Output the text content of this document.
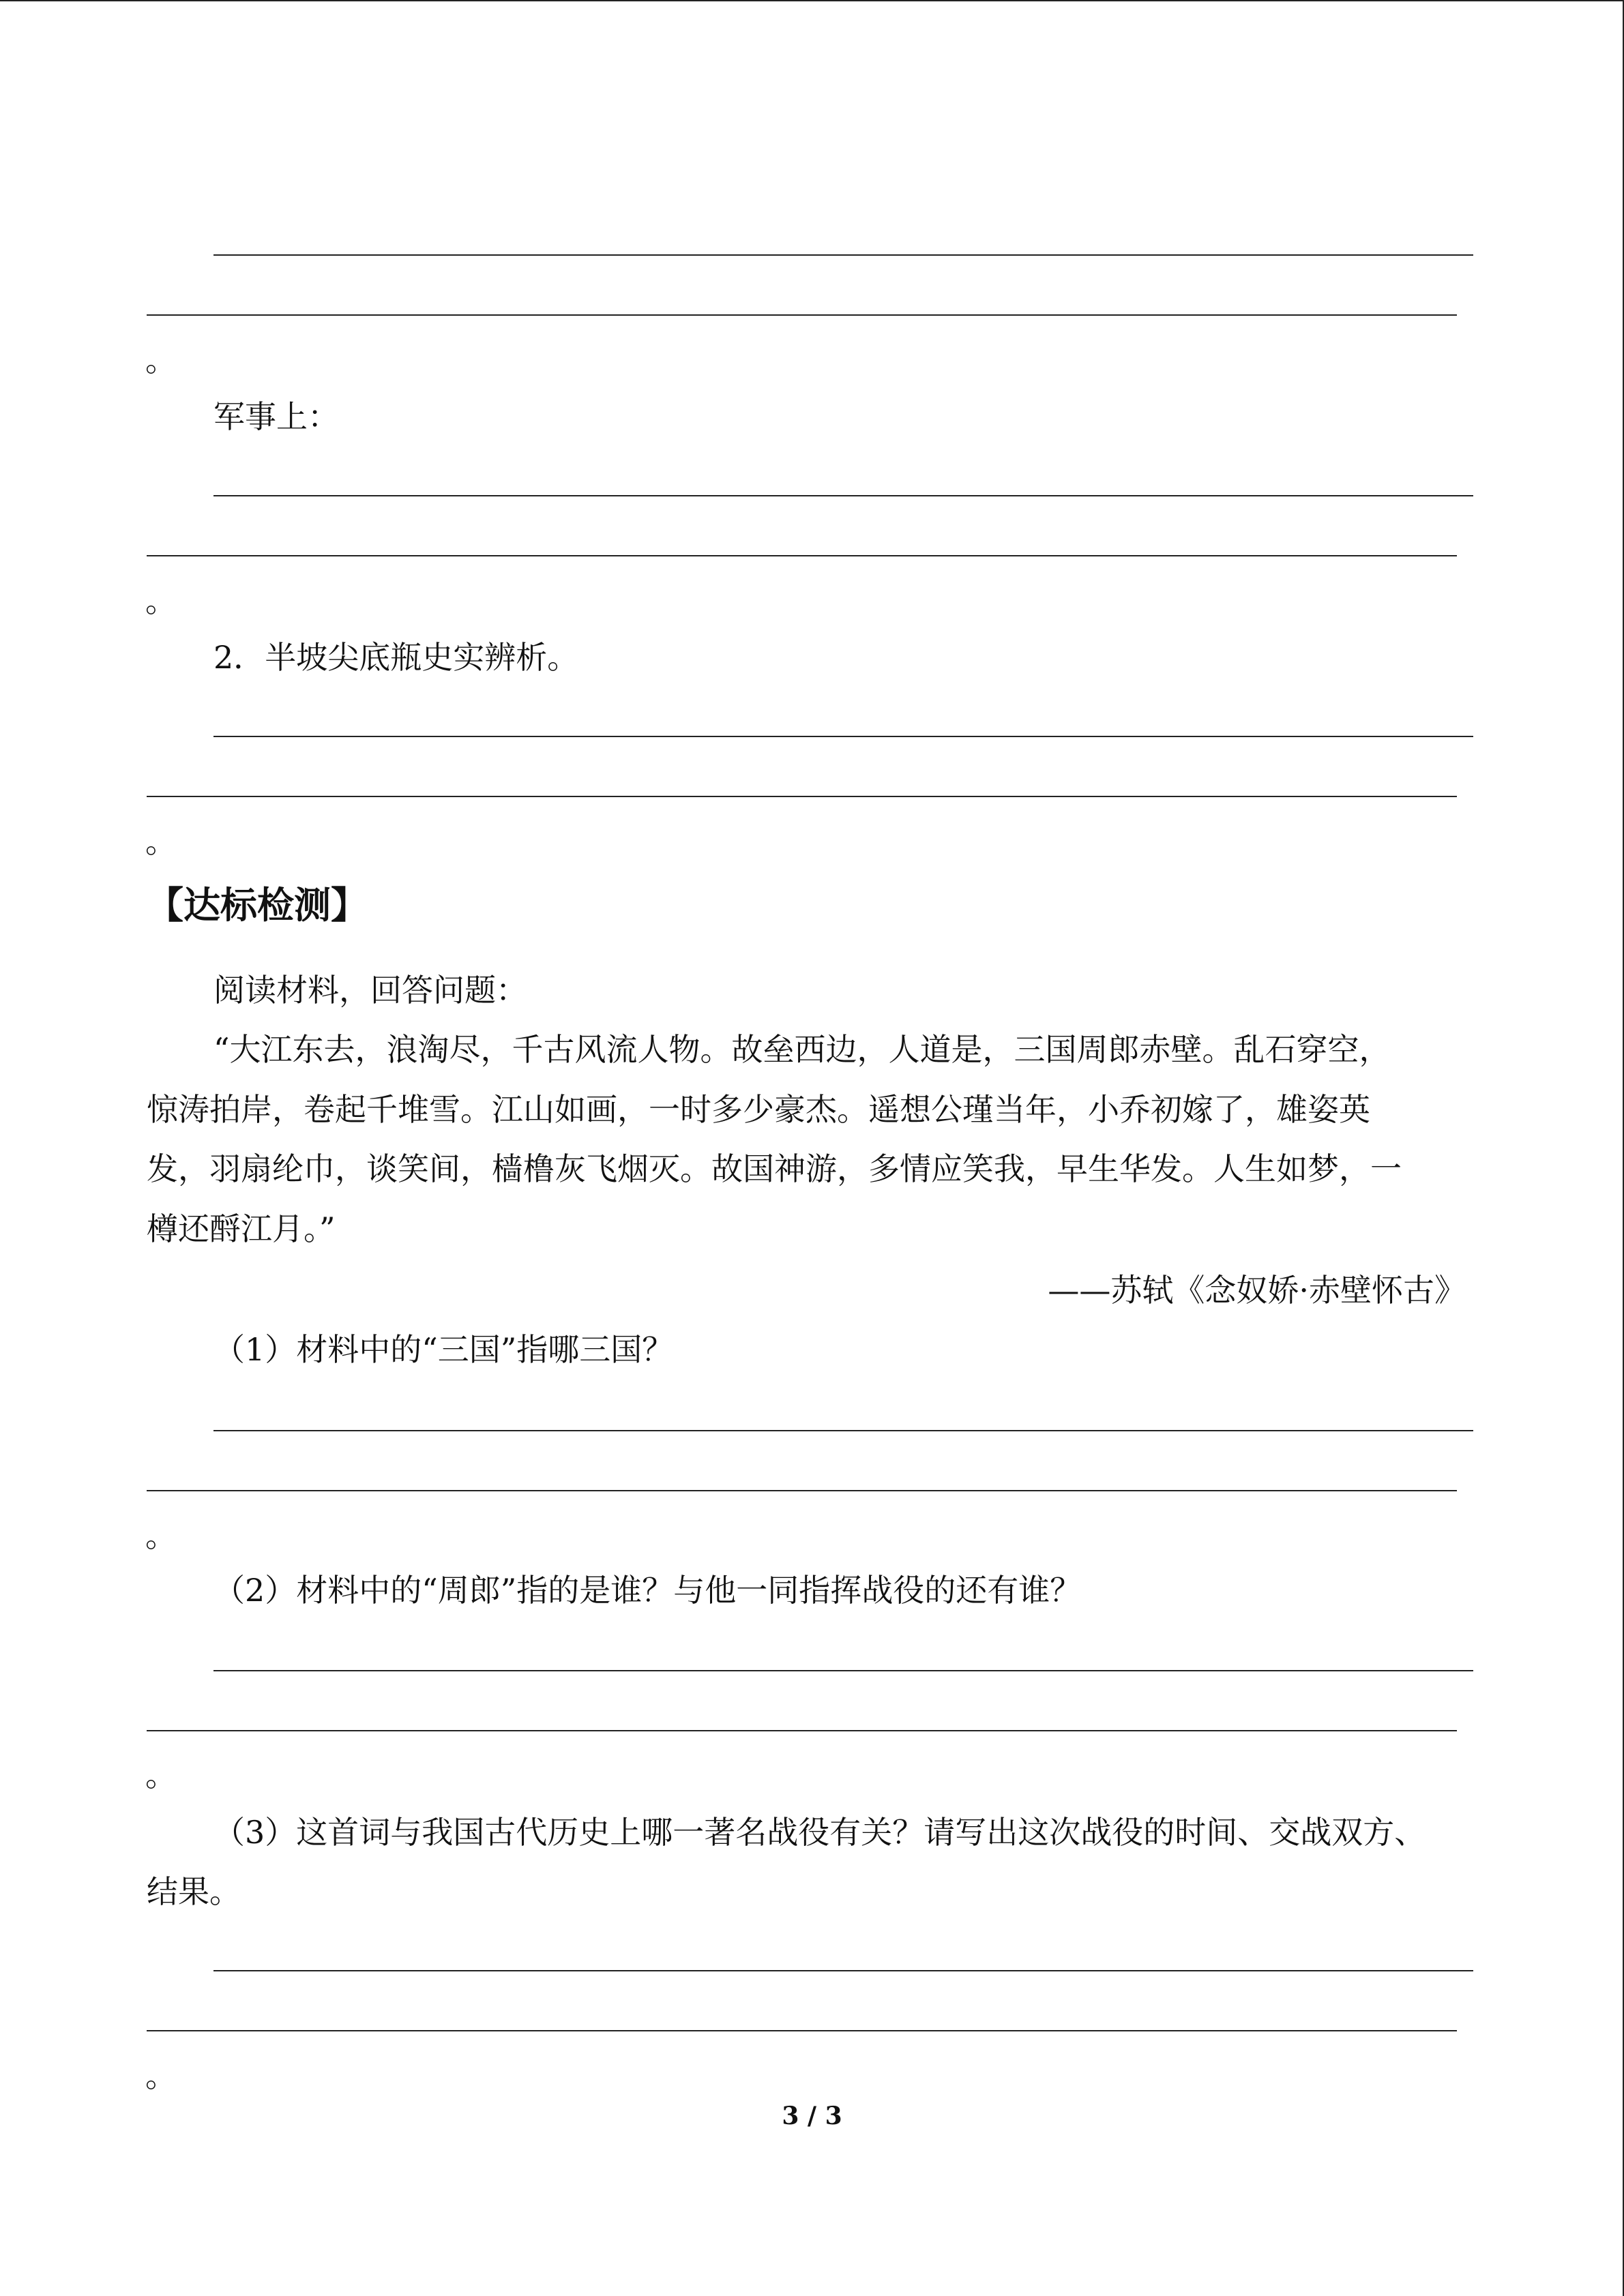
。
军事上：
。
2．半坡尖底瓶史实辨析。
。
【达标检测】
阅读材料，回答问题：
“大江东去，浪淘尽，千古风流人物。故垒西边，人道是，三国周郎赤壁。乱石穿空，
惊涛拍岸，卷起千堆雪。江山如画，一时多少豪杰。遥想公瑾当年，小乔初嫁了，雄姿英
发，羽扇纶巾，谈笑间，樯橹灰飞烟灭。故国神游，多情应笑我，早生华发。人生如梦，一
樽还酹江月。”
——苏轼《念奴娇·赤壁怀古》
（1）材料中的“三国”指哪三国？
。
（2）材料中的“周郎”指的是谁？与他一同指挥战役的还有谁？
。
（3）这首词与我国古代历史上哪一著名战役有关？请写出这次战役的时间、交战双方、
结果。
。
3 / 3
